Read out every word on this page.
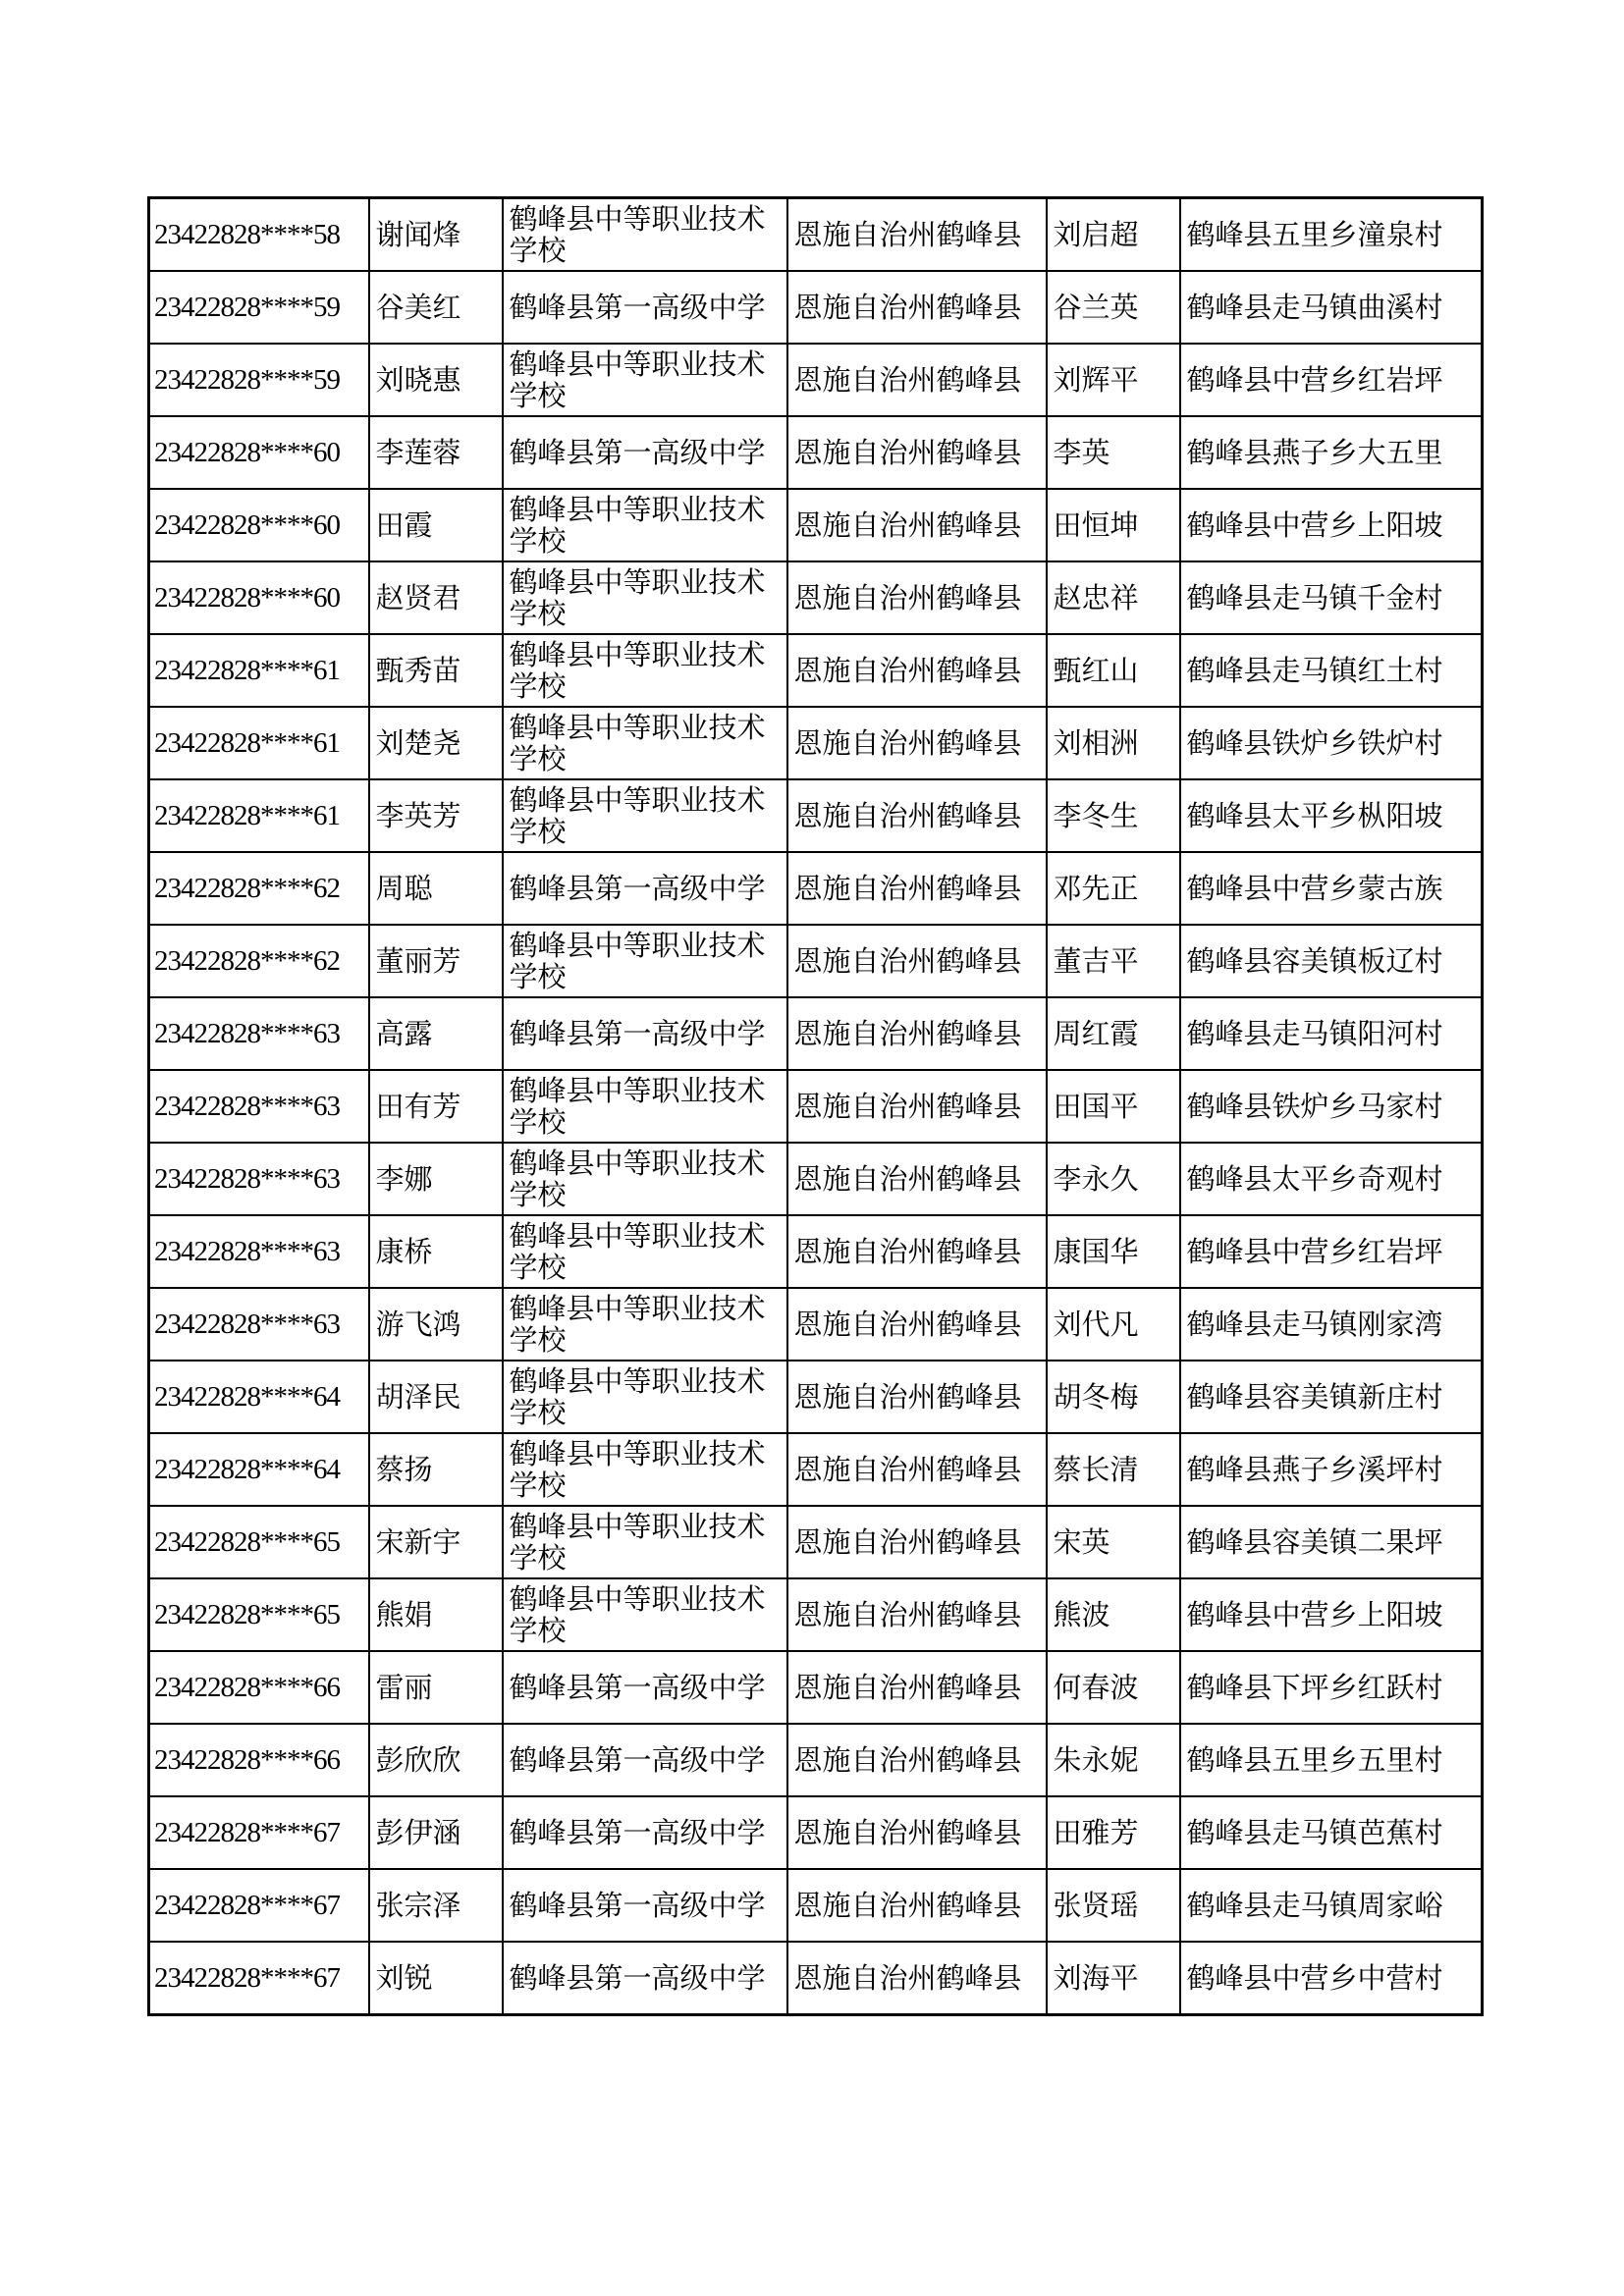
23422828****58	谢闻烽	鹤峰县中等职业技术学校	恩施自治州鹤峰县	刘启超	鹤峰县五里乡潼泉村
23422828****59	谷美红	鹤峰县第一高级中学	恩施自治州鹤峰县	谷兰英	鹤峰县走马镇曲溪村
23422828****59	刘晓惠	鹤峰县中等职业技术学校	恩施自治州鹤峰县	刘辉平	鹤峰县中营乡红岩坪
23422828****60	李莲蓉	鹤峰县第一高级中学	恩施自治州鹤峰县	李英	鹤峰县燕子乡大五里
23422828****60	田霞	鹤峰县中等职业技术学校	恩施自治州鹤峰县	田恒坤	鹤峰县中营乡上阳坡
23422828****60	赵贤君	鹤峰县中等职业技术学校	恩施自治州鹤峰县	赵忠祥	鹤峰县走马镇千金村
23422828****61	甄秀苗	鹤峰县中等职业技术学校	恩施自治州鹤峰县	甄红山	鹤峰县走马镇红土村
23422828****61	刘楚尧	鹤峰县中等职业技术学校	恩施自治州鹤峰县	刘相洲	鹤峰县铁炉乡铁炉村
23422828****61	李英芳	鹤峰县中等职业技术学校	恩施自治州鹤峰县	李冬生	鹤峰县太平乡枞阳坡
23422828****62	周聪	鹤峰县第一高级中学	恩施自治州鹤峰县	邓先正	鹤峰县中营乡蒙古族
23422828****62	董丽芳	鹤峰县中等职业技术学校	恩施自治州鹤峰县	董吉平	鹤峰县容美镇板辽村
23422828****63	高露	鹤峰县第一高级中学	恩施自治州鹤峰县	周红霞	鹤峰县走马镇阳河村
23422828****63	田有芳	鹤峰县中等职业技术学校	恩施自治州鹤峰县	田国平	鹤峰县铁炉乡马家村
23422828****63	李娜	鹤峰县中等职业技术学校	恩施自治州鹤峰县	李永久	鹤峰县太平乡奇观村
23422828****63	康桥	鹤峰县中等职业技术学校	恩施自治州鹤峰县	康国华	鹤峰县中营乡红岩坪
23422828****63	游飞鸿	鹤峰县中等职业技术学校	恩施自治州鹤峰县	刘代凡	鹤峰县走马镇刚家湾
23422828****64	胡泽民	鹤峰县中等职业技术学校	恩施自治州鹤峰县	胡冬梅	鹤峰县容美镇新庄村
23422828****64	蔡扬	鹤峰县中等职业技术学校	恩施自治州鹤峰县	蔡长清	鹤峰县燕子乡溪坪村
23422828****65	宋新宇	鹤峰县中等职业技术学校	恩施自治州鹤峰县	宋英	鹤峰县容美镇二果坪
23422828****65	熊娟	鹤峰县中等职业技术学校	恩施自治州鹤峰县	熊波	鹤峰县中营乡上阳坡
23422828****66	雷丽	鹤峰县第一高级中学	恩施自治州鹤峰县	何春波	鹤峰县下坪乡红跃村
23422828****66	彭欣欣	鹤峰县第一高级中学	恩施自治州鹤峰县	朱永妮	鹤峰县五里乡五里村
23422828****67	彭伊涵	鹤峰县第一高级中学	恩施自治州鹤峰县	田雅芳	鹤峰县走马镇芭蕉村
23422828****67	张宗泽	鹤峰县第一高级中学	恩施自治州鹤峰县	张贤瑶	鹤峰县走马镇周家峪
23422828****67	刘锐	鹤峰县第一高级中学	恩施自治州鹤峰县	刘海平	鹤峰县中营乡中营村
